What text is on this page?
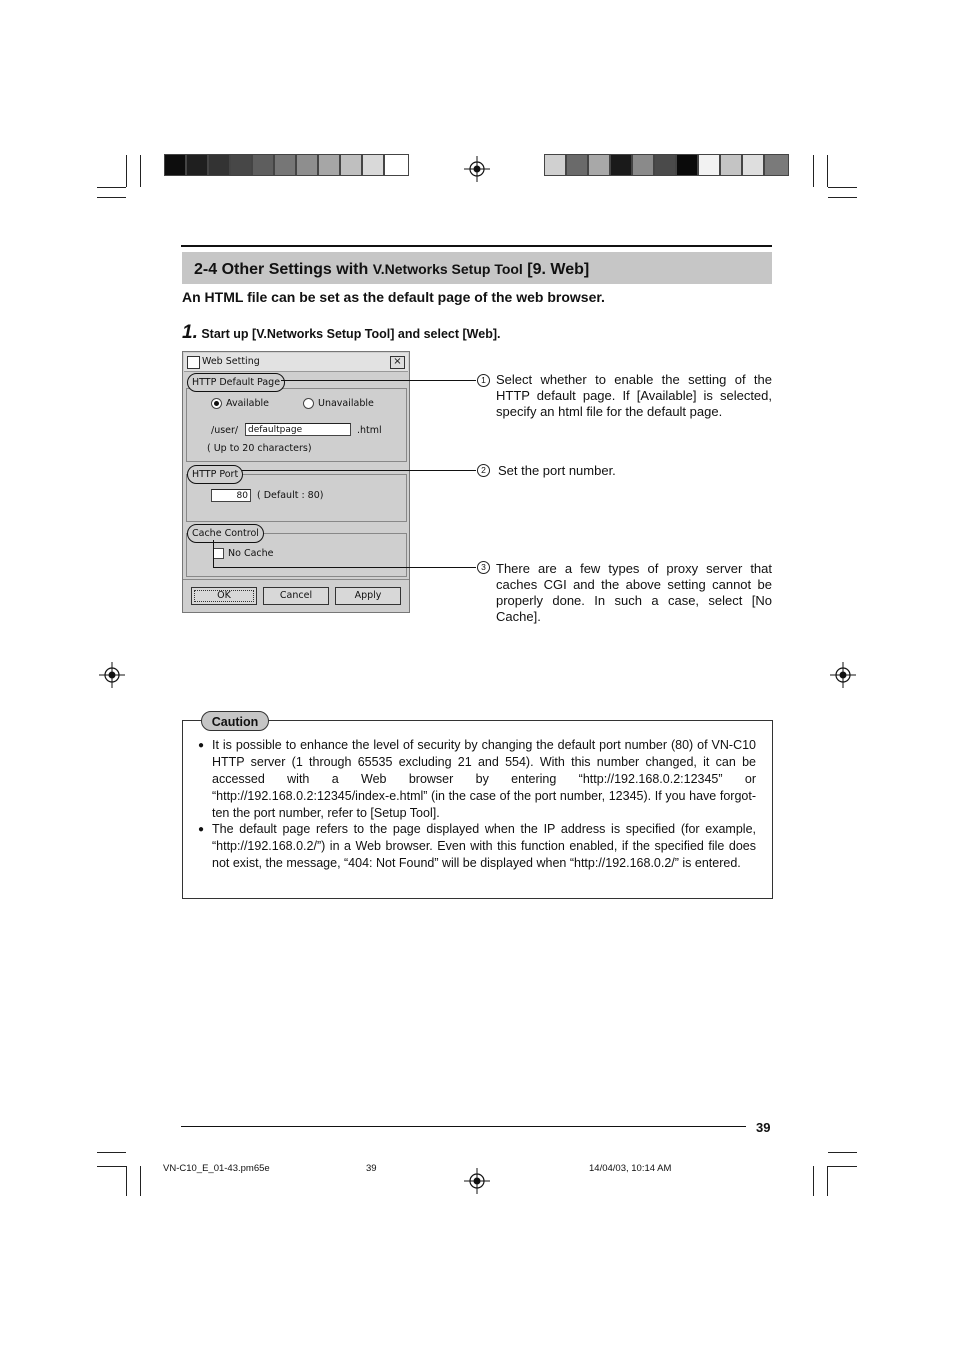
2-4 Other Settings with V.Networks Setup Tool [9. Web]
An HTML file can be set as the default page of the web browser.
1. Start up [V.Networks Setup Tool] and select [Web].
Web Setting	×
Available	Unavailable
/user/	defaultpage	.html
( Up to 20 characters)
80 ( Default : 80)
No Cache
OK	Cancel	Apply
HTTP Default Page
HTTP Port
Cache Control
1 Select whether to enable the setting of the HTTP default page. If [Available] is selected, specify an html file for the default page.
2 Set the port number.
3 There are a few types of proxy server that caches CGI and the above setting cannot be properly done. In such a case, select [No Cache].
Caution
● It is possible to enhance the level of security by changing the default port number (80) of VN-C10 HTTP server (1 through 65535 excluding 21 and 554). With this number changed, it can be accessed with a Web browser by entering “http://192.168.0.2:12345” or “http://192.168.0.2:12345/index-e.html” (in the case of the port number, 12345). If you have forgot-ten the port number, refer to [Setup Tool].
● The default page refers to the page displayed when the IP address is specified (for example, “http://192.168.0.2/”) in a Web browser. Even with this function enabled, if the specified file does not exist, the message, “404: Not Found” will be displayed when “http://192.168.0.2/” is entered.
39
VN-C10_E_01-43.pm65e	39	14/04/03, 10:14 AM
